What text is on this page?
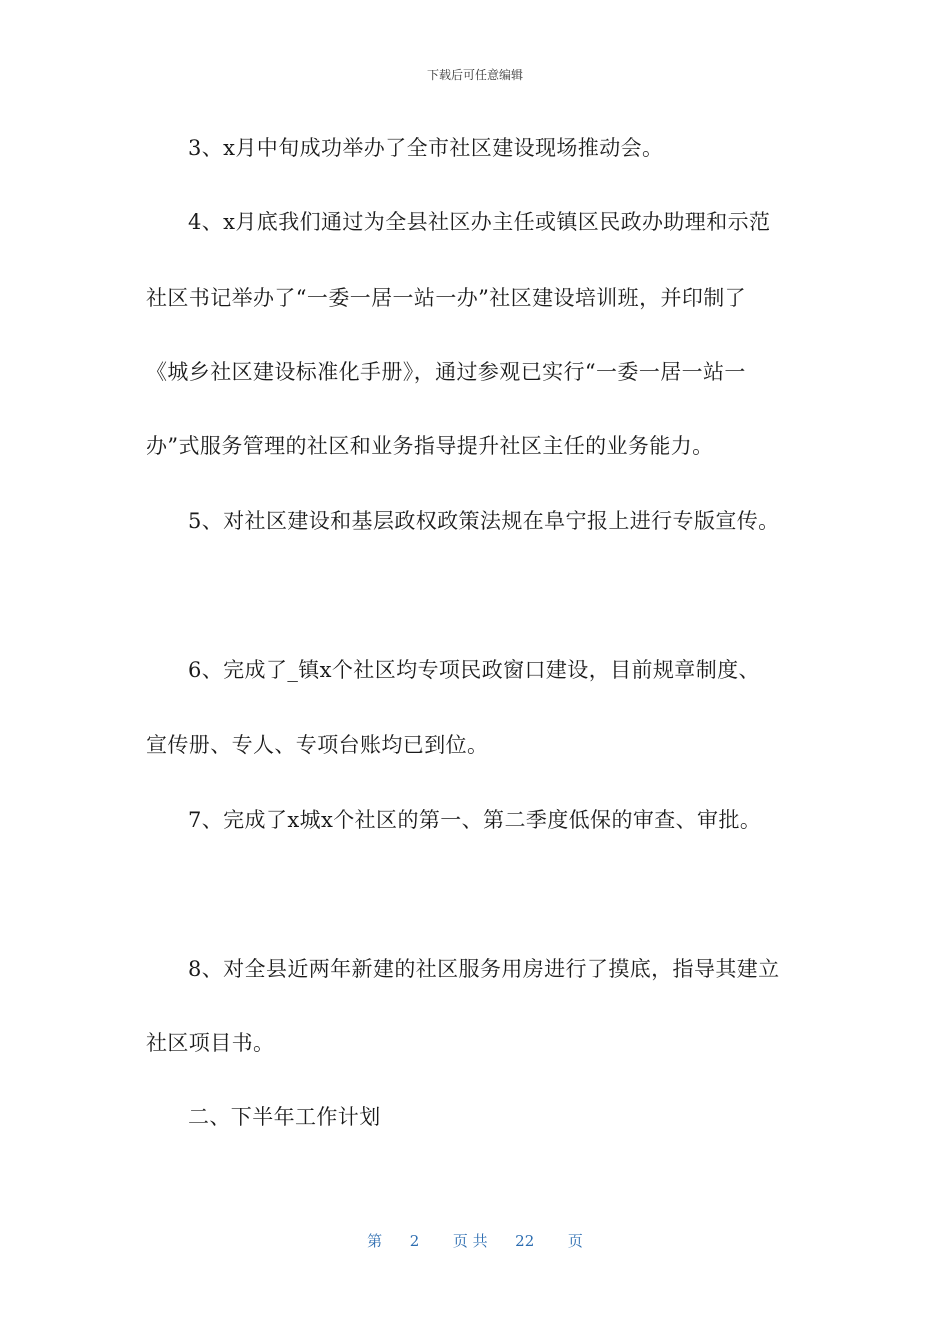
下载后可任意编辑
3、x月中旬成功举办了全市社区建设现场推动会。
4、x月底我们通过为全县社区办主任或镇区民政办助理和示范
社区书记举办了“一委一居一站一办”社区建设培训班，并印制了
《城乡社区建设标准化手册》，通过参观已实行“一委一居一站一
办”式服务管理的社区和业务指导提升社区主任的业务能力。
5、对社区建设和基层政权政策法规在阜宁报上进行专版宣传。
6、完成了_镇x个社区均专项民政窗口建设，目前规章制度、
宣传册、专人、专项台账均已到位。
7、完成了x城x个社区的第一、第二季度低保的审查、审批。
8、对全县近两年新建的社区服务用房进行了摸底，指导其建立
社区项目书。
二、下半年工作计划
第 2 页 共 22 页
